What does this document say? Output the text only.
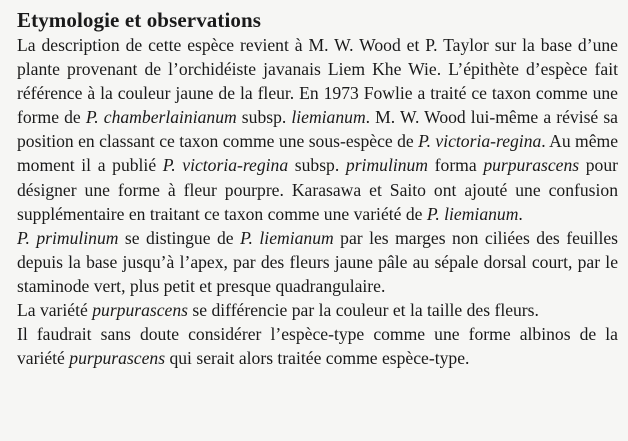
Etymologie et observations

La description de cette espèce revient à M. W. Wood et P. Taylor sur la base d’une plante provenant de l’orchidéiste javanais Liem Khe Wie. L’épithète d’espèce fait référence à la couleur jaune de la fleur. En 1973 Fowlie a traité ce taxon comme une forme de P. chamberlainianum subsp. liemianum. M. W. Wood lui-même a révisé sa position en classant ce taxon comme une sous-espèce de P. victoria-regina. Au même moment il a publié P. victoria-regina subsp. primulinum forma purpurascens pour désigner une forme à fleur pourpre. Karasawa et Saito ont ajouté une confusion supplémentaire en traitant ce taxon comme une variété de P. liemianum.

P. primulinum se distingue de P. liemianum par les marges non ciliées des feuilles depuis la base jusqu’à l’apex, par des fleurs jaune pâle au sépale dorsal court, par le staminode vert, plus petit et presque quadrangulaire.

La variété purpurascens se différencie par la couleur et la taille des fleurs.

Il faudrait sans doute considérer l’espèce-type comme une forme albinos de la variété purpurascens qui serait alors traitée comme espèce-type.
